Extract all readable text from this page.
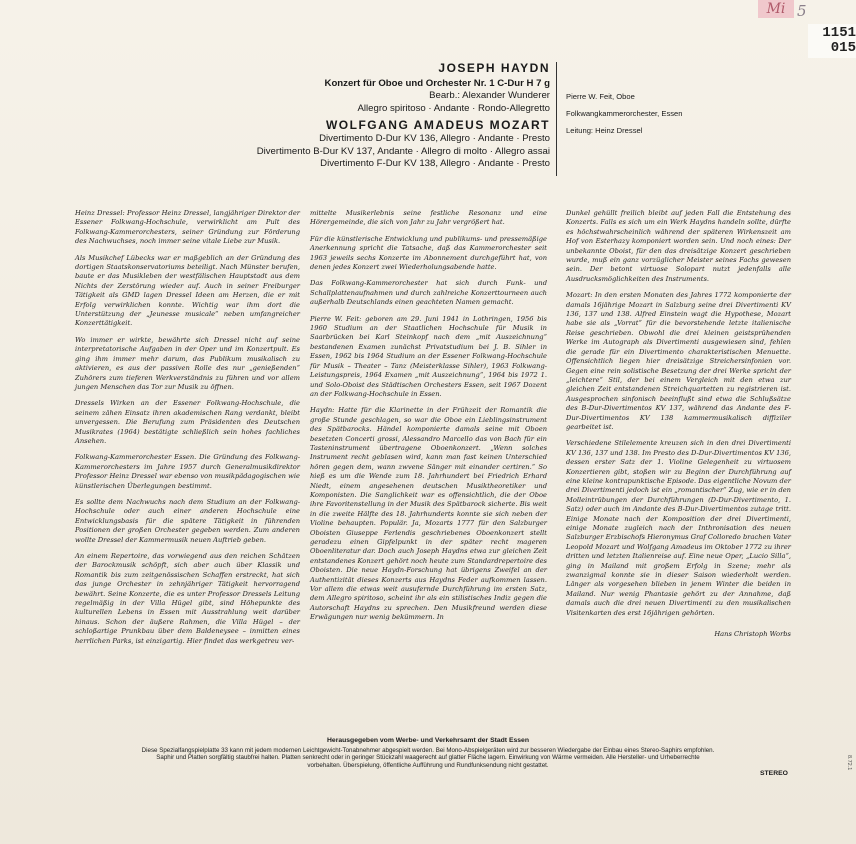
Mi 5
1151
015
JOSEPH HAYDN
Konzert für Oboe und Orchester Nr. 1 C-Dur H 7 g
Bearb.: Alexander Wunderer
Allegro spiritoso · Andante · Rondo-Allegretto
WOLFGANG AMADEUS MOZART
Divertimento D-Dur KV 136, Allegro · Andante · Presto
Divertimento B-Dur KV 137, Andante · Allegro di molto · Allegro assai
Divertimento F-Dur KV 138, Allegro · Andante · Presto
Pierre W. Feit, Oboe
Folkwangkammerorchester, Essen
Leitung: Heinz Dressel

Heinz Dressel: Professor Heinz Dressel, langjähriger Direktor der Essener Folkwang-Hochschule, verwirklicht am Pult des Folkwang-Kammerorchesters, seiner Gründung zur Förderung des Nachwuchses, noch immer seine vitale Liebe zur Musik.

Als Musikchef Lübecks war er maßgeblich an der Gründung des dortigen Staatskonservatoriums beteiligt. Nach Münster berufen, baute er das Musikleben der westfälischen Hauptstadt aus dem Nichts der Zerstörung wieder auf. Auch in seiner Freiburger Tätigkeit als GMD lagen Dressel Ideen am Herzen, die er mit Erfolg verwirklichen konnte. Wichtig war ihm dort die Unterstützung der „Jeunesse musicale“ neben umfangreicher Konzerttätigkeit.

Wo immer er wirkte, bewährte sich Dressel nicht auf seine interpretatorische Aufgaben in der Oper und im Konzertpult. Es ging ihm immer mehr darum, das Publikum musikalisch zu aktivieren, es aus der passiven Rolle des nur „genießenden“ Zuhörers zum tieferen Werkverständnis zu führen und vor allem jungen Menschen das Tor zur Musik zu öffnen.

Dressels Wirken an der Essener Folkwang-Hochschule, die seinem zähen Einsatz ihren akademischen Rang verdankt, bleibt unvergessen. Die Berufung zum Präsidenten des Deutschen Musikrates (1964) bestätigte schließlich sein hohes fachliches Ansehen.

Folkwang-Kammerorchester Essen. Die Gründung des Folkwang-Kammerorchesters im Jahre 1957 durch Generalmusikdirektor Professor Heinz Dressel war ebenso von musikpädagogischen wie künstlerischen Überlegungen bestimmt.

Es sollte dem Nachwuchs nach dem Studium an der Folkwang-Hochschule oder auch einer anderen Hochschule eine Entwicklungsbasis für die spätere Tätigkeit in führenden Positionen der großen Orchester gegeben werden. Zum anderen wollte Dressel der Kammermusik neuen Auftrieb geben.

An einem Repertoire, das vorwiegend aus den reichen Schätzen der Barockmusik schöpft, sich aber auch über Klassik und Romantik bis zum zeitgenössischen Schaffen erstreckt, hat sich das junge Orchester in zehnjähriger Tätigkeit hervorragend bewährt. Seine Konzerte, die es unter Professor Dressels Leitung regelmäßig in der Villa Hügel gibt, sind Höhepunkte des kulturellen Lebens in Essen mit Ausstrahlung weit darüber hinaus. Schon der äußere Rahmen, die Villa Hügel – der schloßartige Prunkbau über dem Baldeneysee – inmitten eines herrlichen Parks, ist einzigartig. Hier findet das werkgetreu ver-

mittelte Musikerlebnis seine festliche Resonanz und eine Hörergemeinde, die sich von Jahr zu Jahr vergrößert hat.

Für die künstlerische Entwicklung und publikums- und pressemäßige Anerkennung spricht die Tatsache, daß das Kammerorchester seit 1963 jeweils sechs Konzerte im Abonnement durchgeführt hat, von denen jedes Konzert zwei Wiederholungsabende hatte.

Das Folkwang-Kammerorchester hat sich durch Funk- und Schallplattenaufnahmen und durch zahlreiche Konzerttourneen auch außerhalb Deutschlands einen geachteten Namen gemacht.

Pierre W. Feit: geboren am 29. Juni 1941 in Lothringen, 1956 bis 1960 Studium an der Staatlichen Hochschule für Musik in Saarbrücken bei Karl Steinkopf nach dem „mit Auszeichnung“ bestandenen Examen zunächst Privatstudium bei J. B. Sihler in Essen, 1962 bis 1964 Studium an der Essener Folkwang-Hochschule für Musik – Theater – Tanz (Meisterklasse Sihler), 1963 Folkwang-Leistungspreis, 1964 Examen „mit Auszeichnung“, 1964 bis 1972 1. und Solo-Oboist des Städtischen Orchesters Essen, seit 1967 Dozent an der Folkwang-Hochschule in Essen.

Haydn: Hatte für die Klarinette in der Frühzeit der Romantik die große Stunde geschlagen, so war die Oboe ein Lieblingsinstrument des Spätbarocks. Händel komponierte damals seine mit Oboen besetzten Concerti grossi, Alessandro Marcello das von Bach für ein Tasteninstrument übertragene Oboenkonzert. „Wenn solches Instrument recht geblasen wird, kann man fast keinen Unterschied hören gegen dem, wann zwvene Sänger mit einander certiren.“ So hieß es um die Wende zum 18. Jahrhundert bei Friedrich Erhard Niedt, einem angesehenen deutschen Musiktheoretiker und Komponisten. Die Sanglichkeit war es offensichtlich, die der Oboe ihre Favoritenstellung in der Musik des Spätbarock sicherte. Bis weit in die zweite Hälfte des 18. Jahrhunderts konnte sie sich neben der Violine behaupten. Populär. Ja, Mozarts 1777 für den Salzburger Oboisten Giuseppe Ferlendis geschriebenes Oboenkonzert stellt geradezu einen Gipfelpunkt in der später recht mageren Oboenliteratur dar. Doch auch Joseph Haydns etwa zur gleichen Zeit entstandenes Konzert gehört noch heute zum Standardrepertoire des Oboisten. Die neue Haydn-Forschung hat übrigens Zweifel an der Authentizität dieses Konzerts aus Haydns Feder aufkommen lassen. Vor allem die etwas weit ausufernde Durchführung im ersten Satz, dem Allegro spiritoso, scheint ihr als ein stilistisches Indiz gegen die Autorschaft Haydns zu sprechen. Den Musikfreund werden diese Erwägungen nur wenig bekümmern. In

Dunkel gehüllt freilich bleibt auf jeden Fall die Entstehung des Konzerts. Falls es sich um ein Werk Haydns handeln sollte, dürfte es höchstwahrscheinlich während der späteren Wirkenszeit am Hof von Esterhazy komponiert worden sein. Und noch eines: Der unbekannte Oboist, für den das dreisätzige Konzert geschrieben wurde, muß ein ganz vorzüglicher Meister seines Fachs gewesen sein. Der betont virtuose Solopart nutzt jedenfalls alle Ausdrucksmöglichkeiten des Instruments.

Mozart: In den ersten Monaten des Jahres 1772 komponierte der damals 16jährige Mozart in Salzburg seine drei Divertimenti KV 136, 137 und 138. Alfred Einstein wagt die Hypothese, Mozart habe sie als „Vorrat“ für die bevorstehende letzte italienische Reise geschrieben. Obwohl die drei kleinen geistsprühenden Werke im Autograph als Divertimenti ausgewiesen sind, fehlen die gerade für ein Divertimento charakteristischen Menuette. Offensichtlich liegen hier dreisätzige Streichersinfonien vor. Gegen eine rein solistische Besetzung der drei Werke spricht der „leichtere“ Stil, der bei einem Vergleich mit den etwa zur gleichen Zeit entstandenen Streichquartetten zu registrieren ist. Ausgesprochen sinfonisch beeinflußt sind etwa die Schlußsätze des B-Dur-Divertimentos KV 137, während das Andante des F-Dur-Divertimentos KV 138 kammermusikalisch diffiziler gearbeitet ist.

Verschiedene Stilelemente kreuzen sich in den drei Divertimenti KV 136, 137 und 138. Im Presto des D-Dur-Divertimentos KV 136, dessen erster Satz der 1. Violine Gelegenheit zu virtuosem Konzertieren gibt, stoßen wir zu Beginn der Durchführung auf eine kleine kontrapunktische Episode. Das eigentliche Novum der drei Divertimenti jedoch ist ein „romantischer“ Zug, wie er in den Molleintrübungen der Durchführungen (D-Dur-Divertimento, 1. Satz) oder auch im Andante des B-Dur-Divertimentos zutage tritt. Einige Monate nach der Komposition der drei Divertimenti, einige Monate zugleich nach der Inthronisation des neuen Salzburger Erzbischofs Hieronymus Graf Colloredo brachen Vater Leopold Mozart und Wolfgang Amadeus im Oktober 1772 zu ihrer dritten und letzten Italienreise auf. Eine neue Oper, „Lucio Silla“, ging in Mailand mit großem Erfolg in Szene; mehr als zwanzigmal konnte sie in dieser Saison wiederholt werden. Länger als vorgesehen blieben in jenem Winter die beiden in Mailand. Nur wenig Phantasie gehört zu der Annahme, daß damals auch die drei neuen Divertimenti zu den musikalischen Visitenkarten des erst 16jährigen gehörten.

Hans Christoph Worbs
Herausgegeben vom Werbe- und Verkehrsamt der Stadt Essen
Diese Spezialfangspielplatte 33 kann mit jedem modernen Leichtgewicht-Tonabnehmer abgespielt werden. Bei Mono-Abspielgeräten wird zur besseren Wiedergabe der Einbau eines Stereo-Saphirs empfohlen.
Saphir und Platten sorgfältig staubfrei halten. Platten senkrecht oder in geringer Stückzahl waagerecht auf glatter Fläche lagern. Einwirkung von Wärme vermeiden. Alle Hersteller- und Urheberrechte
vorbehalten. Überspielung, öffentliche Aufführung und Rundfunksendung nicht gestattet.
STEREO
8.72.1
